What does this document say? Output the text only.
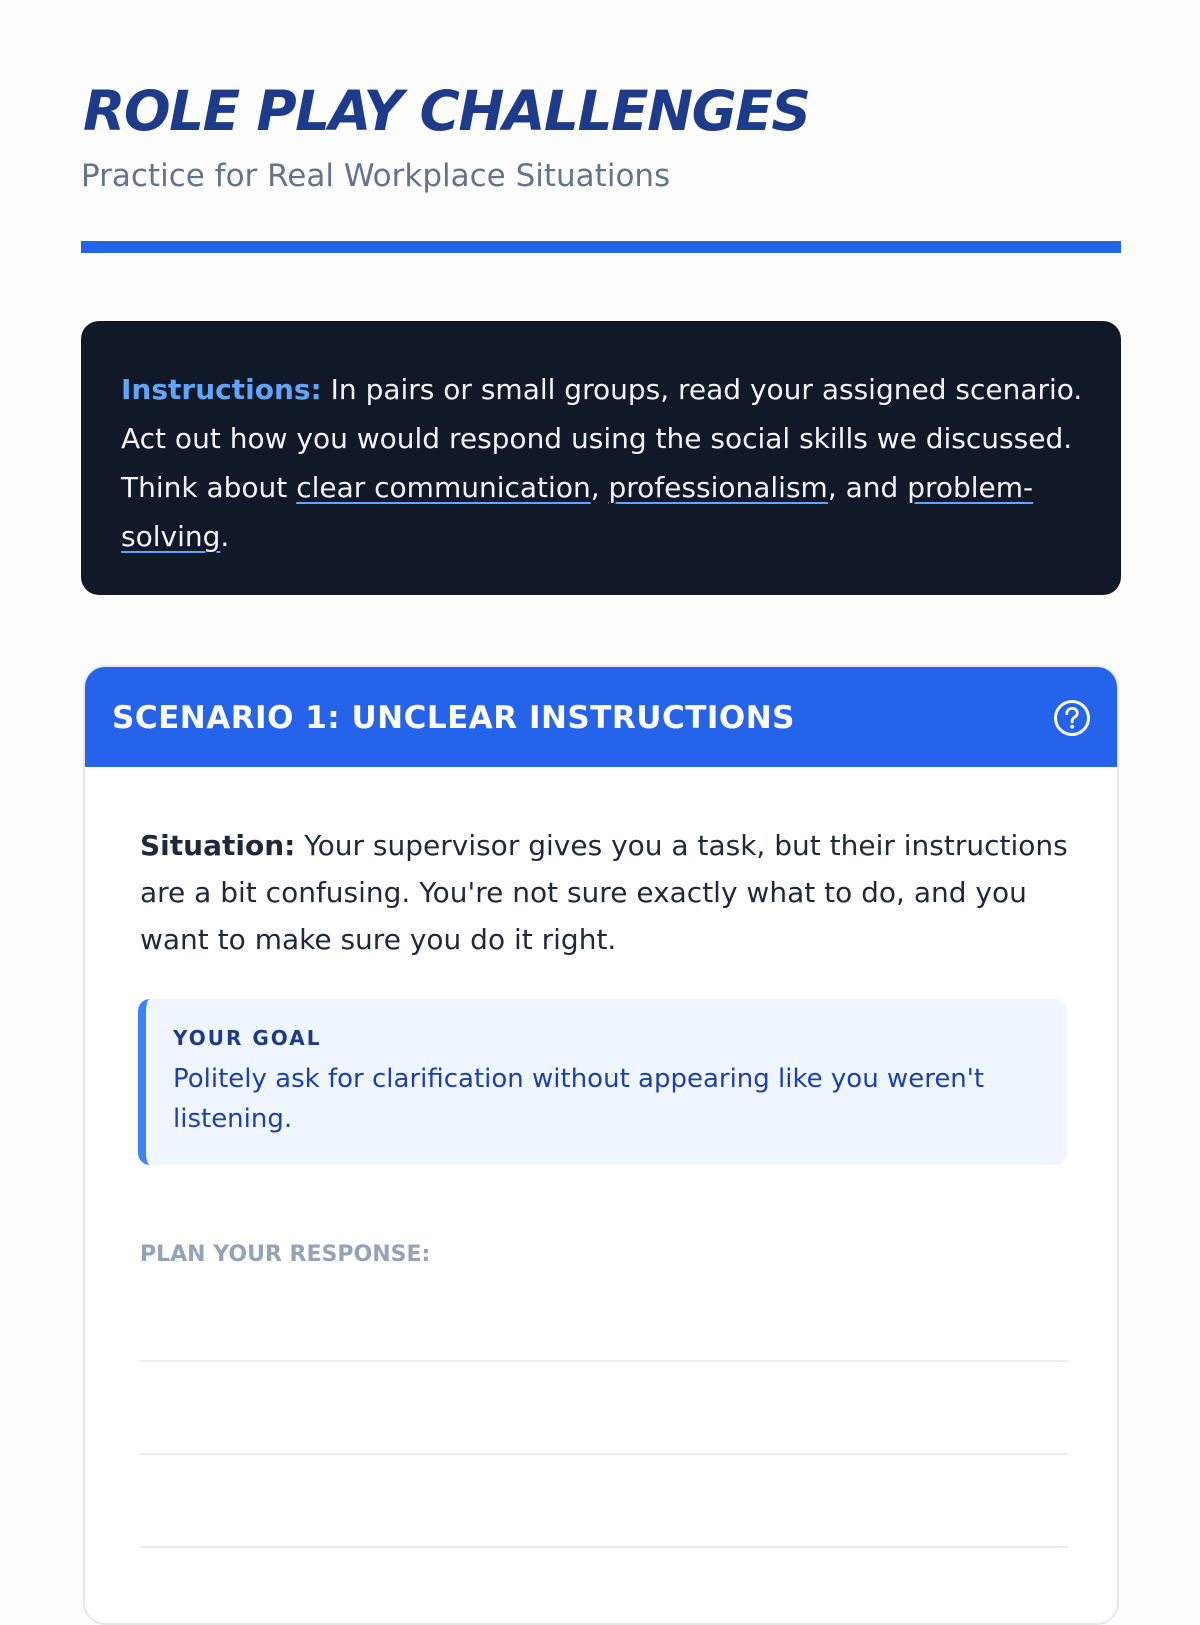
ROLE PLAY CHALLENGES
Practice for Real Workplace Situations
Instructions: In pairs or small groups, read your assigned scenario. Act out how you would respond using the social skills we discussed. Think about clear communication, professionalism, and problem-solving.
SCENARIO 1: UNCLEAR INSTRUCTIONS
Situation: Your supervisor gives you a task, but their instructions are a bit confusing. You're not sure exactly what to do, and you want to make sure you do it right.
YOUR GOAL
Politely ask for clarification without appearing like you weren't listening.
PLAN YOUR RESPONSE:
